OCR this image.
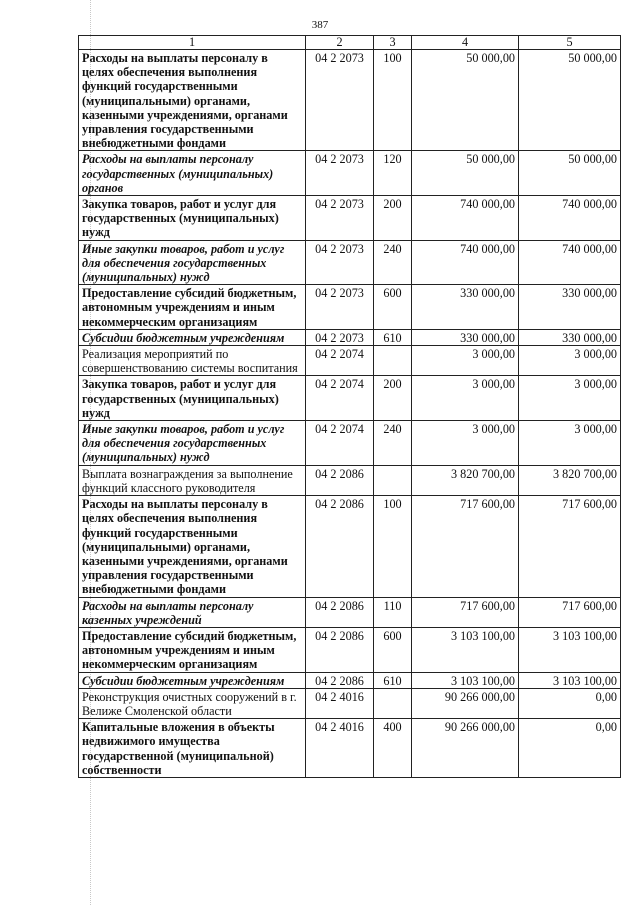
387
1	2	3	4	5
Расходы на выплаты персоналу в целях обеспечения выполнения функций государственными (муниципальными) органами, казенными учреждениями, органами управления государственными внебюджетными фондами	04 2 2073	100	50 000,00	50 000,00
Расходы на выплаты персоналу государственных (муниципальных) органов	04 2 2073	120	50 000,00	50 000,00
Закупка товаров, работ и услуг для государственных (муниципальных) нужд	04 2 2073	200	740 000,00	740 000,00
Иные закупки товаров, работ и услуг для обеспечения государственных (муниципальных) нужд	04 2 2073	240	740 000,00	740 000,00
Предоставление субсидий бюджетным, автономным учреждениям и иным некоммерческим организациям	04 2 2073	600	330 000,00	330 000,00
Субсидии бюджетным учреждениям	04 2 2073	610	330 000,00	330 000,00
Реализация мероприятий по совершенствованию системы воспитания	04 2 2074		3 000,00	3 000,00
Закупка товаров, работ и услуг для государственных (муниципальных) нужд	04 2 2074	200	3 000,00	3 000,00
Иные закупки товаров, работ и услуг для обеспечения государственных (муниципальных) нужд	04 2 2074	240	3 000,00	3 000,00
Выплата вознаграждения за выполнение функций классного руководителя	04 2 2086		3 820 700,00	3 820 700,00
Расходы на выплаты персоналу в целях обеспечения выполнения функций государственными (муниципальными) органами, казенными учреждениями, органами управления государственными внебюджетными фондами	04 2 2086	100	717 600,00	717 600,00
Расходы на выплаты персоналу казенных учреждений	04 2 2086	110	717 600,00	717 600,00
Предоставление субсидий бюджетным, автономным учреждениям и иным некоммерческим организациям	04 2 2086	600	3 103 100,00	3 103 100,00
Субсидии бюджетным учреждениям	04 2 2086	610	3 103 100,00	3 103 100,00
Реконструкция очистных сооружений в г. Велиже Смоленской области	04 2 4016		90 266 000,00	0,00
Капитальные вложения в объекты недвижимого имущества государственной (муниципальной) собственности	04 2 4016	400	90 266 000,00	0,00
